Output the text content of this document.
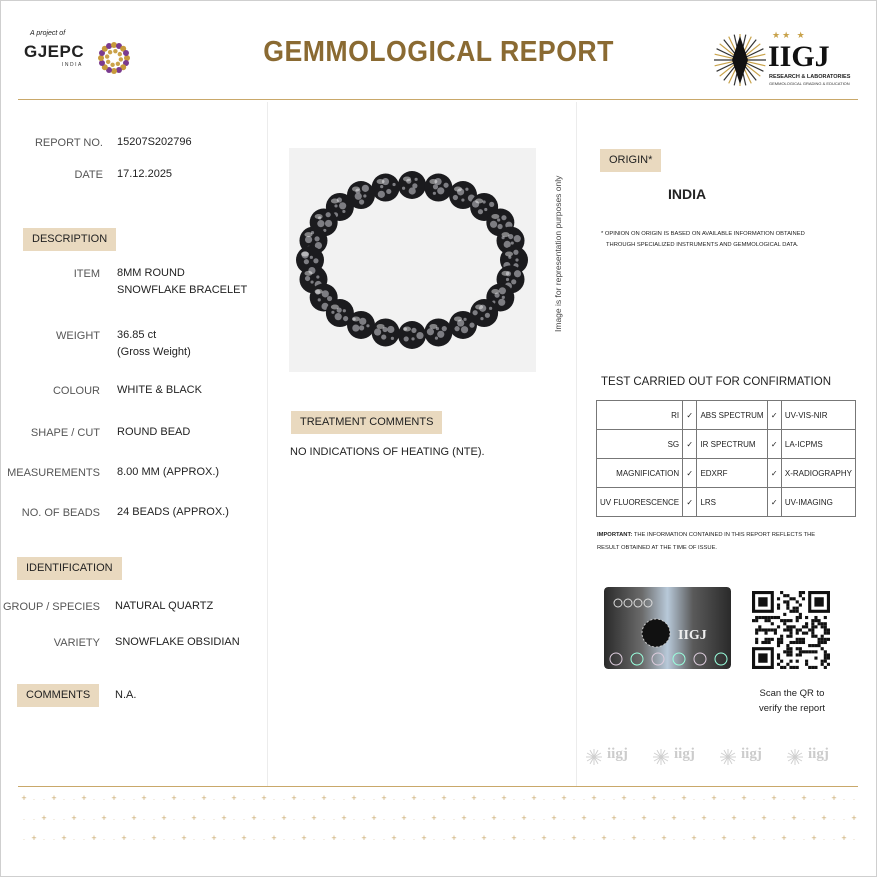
A project of
GJEPC
INDIA	GEMMOLOGICAL REPORT
★★ ★
IIGJ
RESEARCH & LABORATORIES
GEMMOLOGICAL GRADING & EDUCATION
REPORT NO. 15207S202796
DATE 17.12.2025
DESCRIPTION
ITEM 8MM ROUND
SNOWFLAKE BRACELET
WEIGHT 36.85 ct
(Gross Weight)
COLOUR WHITE & BLACK
SHAPE / CUT ROUND BEAD
MEASUREMENTS 8.00 MM (APPROX.)
NO. OF BEADS 24 BEADS (APPROX.)
IDENTIFICATION
GROUP / SPECIES NATURAL QUARTZ
VARIETY SNOWFLAKE OBSIDIAN
COMMENTS	N.A.
Image is for representation purposes only
TREATMENT COMMENTS
NO INDICATIONS OF HEATING (NTE).
ORIGIN*
INDIA
* OPINION ON ORIGIN IS BASED ON AVAILABLE INFORMATION OBTAINED
THROUGH SPECIALIZED INSTRUMENTS AND GEMMOLOGICAL DATA.
TEST CARRIED OUT FOR CONFIRMATION
RI	✓	ABS SPECTRUM	✓	UV-VIS-NIR
SG	✓	IR SPECTRUM	✓	LA-ICPMS
MAGNIFICATION	✓	EDXRF	✓	X-RADIOGRAPHY
UV FLUORESCENCE	✓	LRS	✓	UV-IMAGING
IMPORTANT: THE INFORMATION CONTAINED IN THIS REPORT REFLECTS THE
RESULT OBTAINED AT THE TIME OF ISSUE.
IIGJ
Scan the QR to
verify the report
iigj	iigj	iigj	iigj
+ · · + · · + · · + · · + · · + · · + · · + · · + · · + · · + · · + · · + · · + · · + · · + · · + · · + · · + · · + · · + · · + · · + · · + · · + · · + · · + · · + · ·
· · + · · + · · + · · + · · + · · + · · + · · + · · + · · + · · + · · + · · + · · + · · + · · + · · + · · + · · + · · + · · + · · + · · + · · + · · + · · + · · + · · +
· + · · + · · + · · + · · + · · + · · + · · + · · + · · + · · + · · + · · + · · + · · + · · + · · + · · + · · + · · + · · + · · + · · + · · + · · + · · + · · + · · + ·
